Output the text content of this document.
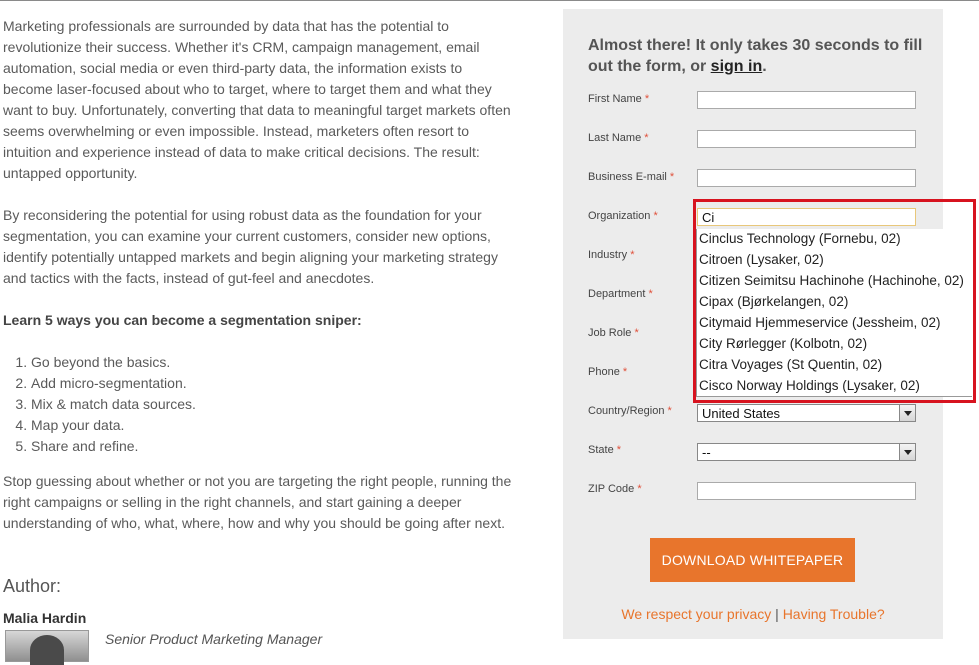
Marketing professionals are surrounded by data that has the potential to revolutionize their success. Whether it's CRM, campaign management, email automation, social media or even third-party data, the information exists to become laser-focused about who to target, where to target them and what they want to buy. Unfortunately, converting that data to meaningful target markets often seems overwhelming or even impossible. Instead, marketers often resort to intuition and experience instead of data to make critical decisions. The result: untapped opportunity.

By reconsidering the potential for using robust data as the foundation for your segmentation, you can examine your current customers, consider new options, identify potentially untapped markets and begin aligning your marketing strategy and tactics with the facts, instead of gut-feel and anecdotes.

Learn 5 ways you can become a segmentation sniper:

1. Go beyond the basics.
2. Add micro-segmentation.
3. Mix & match data sources.
4. Map your data.
5. Share and refine.

Stop guessing about whether or not you are targeting the right people, running the right campaigns or selling in the right channels, and start gaining a deeper understanding of who, what, where, how and why you should be going after next.

Author:
Malia Hardin
Senior Product Marketing Manager
Almost there! It only takes 30 seconds to fill out the form, or sign in.
First Name *
Last Name *
Business E-mail *
Organization *
Ci
Industry *
Department *
Job Role *
Phone *
Country/Region * United States
State *	--
ZIP Code *
DOWNLOAD WHITEPAPER
We respect your privacy | Having Trouble?
Cinclus Technology (Fornebu, 02)
Citroen (Lysaker, 02)
Citizen Seimitsu Hachinohe (Hachinohe, 02)
Cipax (Bjørkelangen, 02)
Citymaid Hjemmeservice (Jessheim, 02)
City Rørlegger (Kolbotn, 02)
Citra Voyages (St Quentin, 02)
Cisco Norway Holdings (Lysaker, 02)
